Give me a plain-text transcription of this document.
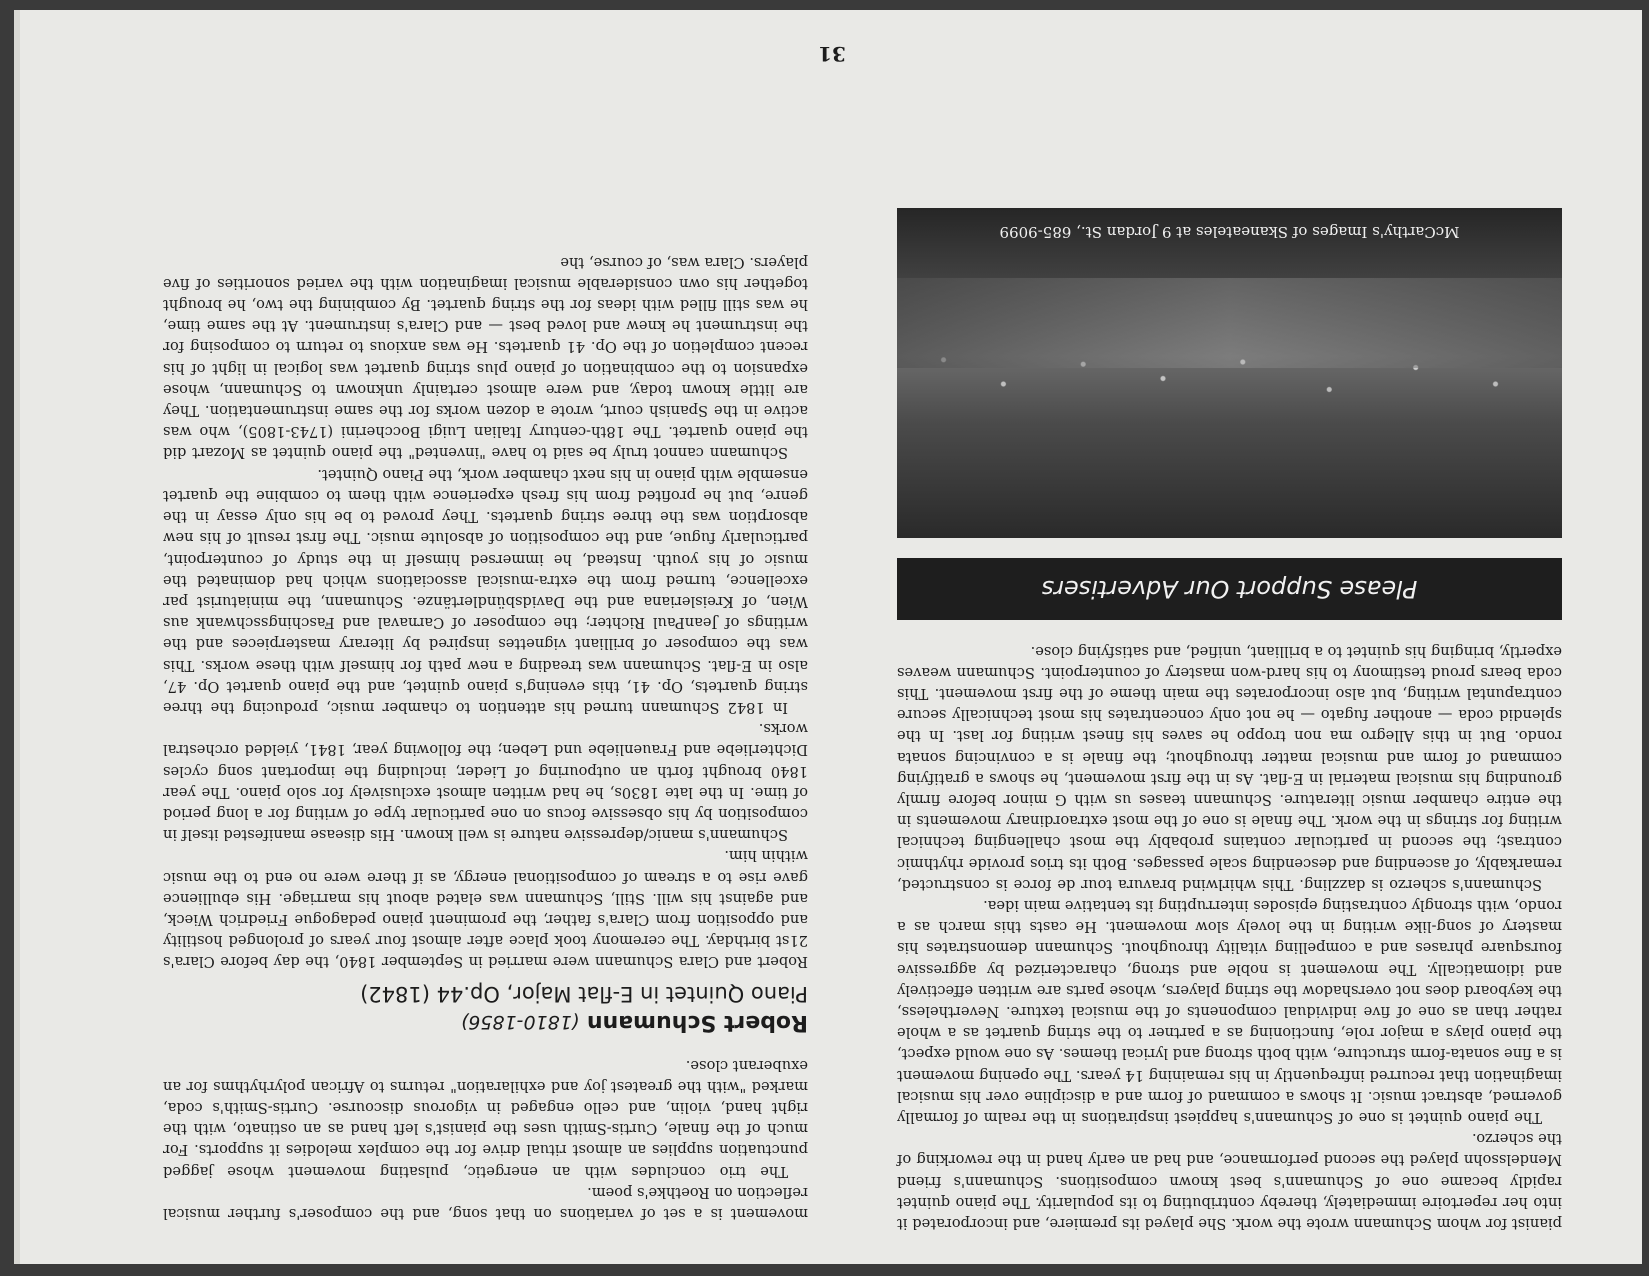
pianist for whom Schumann wrote the work. She played its premiere, and incorporated it into her repertoire immediately, thereby contributing to its popularity. The piano quintet rapidly became one of Schumann's best known compositions. Schumann's friend Mendelssohn played the second performance, and had an early hand in the reworking of the scherzo.

The piano quintet is one of Schumann's happiest inspirations in the realm of formally governed, abstract music. It shows a command of form and a discipline over his musical imagination that recurred infrequently in his remaining 14 years. The opening movement is a fine sonata-form structure, with both strong and lyrical themes. As one would expect, the piano plays a major role, functioning as a partner to the string quartet as a whole rather than as one of five individual components of the musical texture. Nevertheless, the keyboard does not overshadow the string players, whose parts are written effectively and idiomatically. The movement is noble and strong, characterized by aggressive foursquare phrases and a compelling vitality throughout. Schumann demonstrates his mastery of song-like writing in the lovely slow movement. He casts this march as a rondo, with strongly contrasting episodes interrupting its tentative main idea.

Schumann's scherzo is dazzling. This whirlwind bravura tour de force is constructed, remarkably, of ascending and descending scale passages. Both its trios provide rhythmic contrast; the second in particular contains probably the most challenging technical writing for strings in the work. The finale is one of the most extraordinary movements in the entire chamber music literature. Schumann teases us with G minor before firmly grounding his musical material in E-flat. As in the first movement, he shows a gratifying command of form and musical matter throughout; the finale is a convincing sonata rondo. But in this Allegro ma non troppo he saves his finest writing for last. In the splendid coda — another fugato — he not only concentrates his most technically secure contrapuntal writing, but also incorporates the main theme of the first movement. This coda bears proud testimony to his hard-won mastery of counterpoint. Schumann weaves expertly, bringing his quintet to a brilliant, unified, and satisfying close.

Please Support Our Advertisers
McCarthy's Images of Skaneateles at 9 Jordan St., 685-9099

movement is a set of variations on that song, and the composer's further musical reflection on Roethke's poem.

The trio concludes with an energetic, pulsating movement whose jagged punctuation supplies an almost ritual drive for the complex melodies it supports. For much of the finale, Curtis-Smith uses the pianist's left hand as an ostinato, with the right hand, violin, and cello engaged in vigorous discourse. Curtis-Smith's coda, marked "with the greatest joy and exhilaration" returns to African polyrhythms for an exuberant close.

Robert Schumann (1810-1856)
Piano Quintet in E-flat Major, Op.44 (1842)

Robert and Clara Schumann were married in September 1840, the day before Clara's 21st birthday. The ceremony took place after almost four years of prolonged hostility and opposition from Clara's father, the prominent piano pedagogue Friedrich Wieck, and against his will. Still, Schumann was elated about his marriage. His ebullience gave rise to a stream of compositional energy, as if there were no end to the music within him.

Schumann's manic/depressive nature is well known. His disease manifested itself in composition by his obsessive focus on one particular type of writing for a long period of time. In the late 1830s, he had written almost exclusively for solo piano. The year 1840 brought forth an outpouring of Lieder, including the important song cycles Dichterliebe and Frauenliebe und Leben; the following year, 1841, yielded orchestral works.

In 1842 Schumann turned his attention to chamber music, producing the three string quartets, Op. 41, this evening's piano quintet, and the piano quartet Op. 47, also in E-flat. Schumann was treading a new path for himself with these works. This was the composer of brilliant vignettes inspired by literary masterpieces and the writings of JeanPaul Richter; the composer of Carnaval and Faschingsschwank aus Wien, of Kreisleriana and the Davidsbündlertänze. Schumann, the miniaturist par excellence, turned from the extra-musical associations which had dominated the music of his youth. Instead, he immersed himself in the study of counterpoint, particularly fugue, and the composition of absolute music. The first result of his new absorption was the three string quartets. They proved to be his only essay in the genre, but he profited from his fresh experience with them to combine the quartet ensemble with piano in his next chamber work, the Piano Quintet.

Schumann cannot truly be said to have "invented" the piano quintet as Mozart did the piano quartet. The 18th-century Italian Luigi Boccherini (1743-1805), who was active in the Spanish court, wrote a dozen works for the same instrumentation. They are little known today, and were almost certainly unknown to Schumann, whose expansion to the combination of piano plus string quartet was logical in light of his recent completion of the Op. 41 quartets. He was anxious to return to composing for the instrument he knew and loved best — and Clara's instrument. At the same time, he was still filled with ideas for the string quartet. By combining the two, he brought together his own considerable musical imagination with the varied sonorities of five players. Clara was, of course, the

31
